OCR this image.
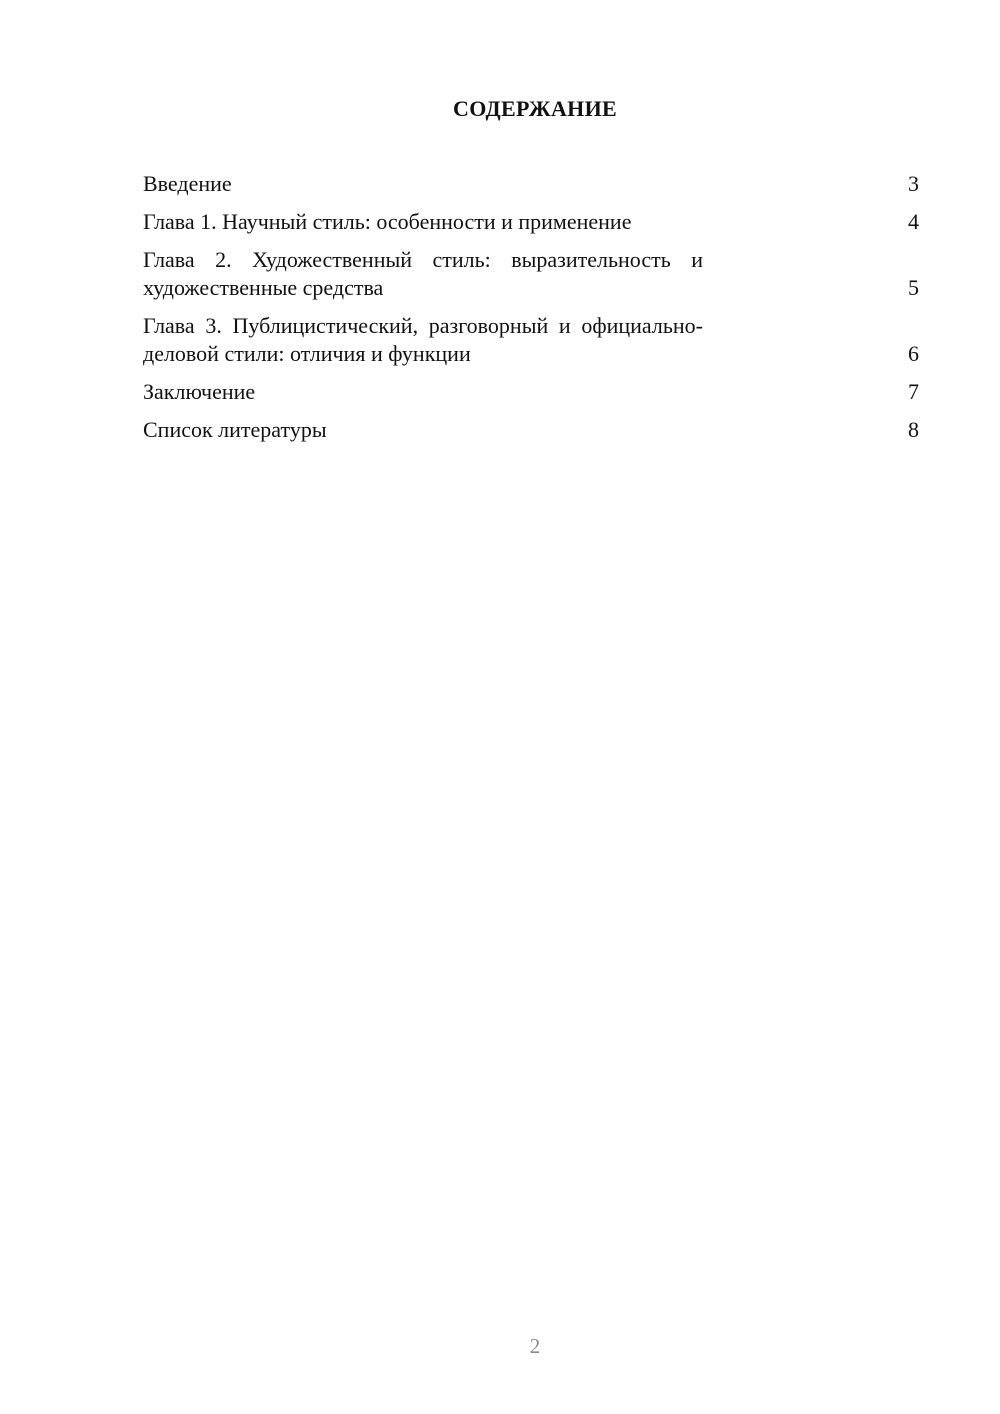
СОДЕРЖАНИЕ
Введение	3
Глава 1. Научный стиль: особенности и применение	4
Глава 2. Художественный стиль: выразительность и художественные средства	5
Глава 3. Публицистический, разговорный и официально-деловой стили: отличия и функции	6
Заключение	7
Список литературы	8
2
